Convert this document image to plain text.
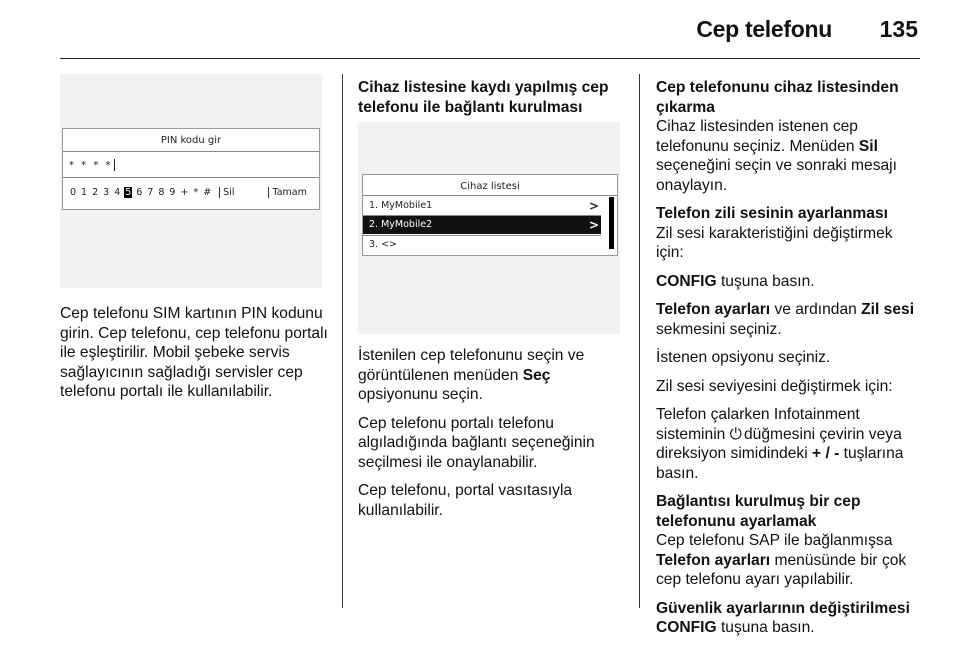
Cep telefonu 135
PIN kodu gir
* * * *
0 1 2 3 4 5 6 7 8 9 + * # Sil	Tamam

Cep telefonu SIM kartının PIN kodunu girin. Cep telefonu, cep telefonu portalı ile eşleştirilir. Mobil şebeke servis sağlayıcının sağladığı servisler cep telefonu portalı ile kullanılabilir.

Cihaz listesine kaydı yapılmış cep telefonu ile bağlantı kurulması
Cihaz listesi
1. MyMobile1	>
2. MyMobile2	>
3. <>

İstenilen cep telefonunu seçin ve görüntülenen menüden Seç opsiyonunu seçin.

Cep telefonu portalı telefonu algıladığında bağlantı seçeneğinin seçilmesi ile onaylanabilir.

Cep telefonu, portal vasıtasıyla kullanılabilir.

Cep telefonunu cihaz listesinden çıkarma
Cihaz listesinden istenen cep telefonunu seçiniz. Menüden Sil seçeneğini seçin ve sonraki mesajı onaylayın.
Telefon zili sesinin ayarlanması

Zil sesi karakteristiğini değiştirmek için:

CONFIG tuşuna basın.

Telefon ayarları ve ardından Zil sesi sekmesini seçiniz.

İstenen opsiyonu seçiniz.

Zil sesi seviyesini değiştirmek için:

Telefon çalarken Infotainment sisteminin ⏻ düğmesini çevirin veya direksiyon simidindeki + / - tuşlarına basın.

Bağlantısı kurulmuş bir cep telefonunu ayarlamak
Cep telefonu SAP ile bağlanmışsa Telefon ayarları menüsünde bir çok cep telefonu ayarı yapılabilir.
Güvenlik ayarlarının değiştirilmesi
CONFIG tuşuna basın.
